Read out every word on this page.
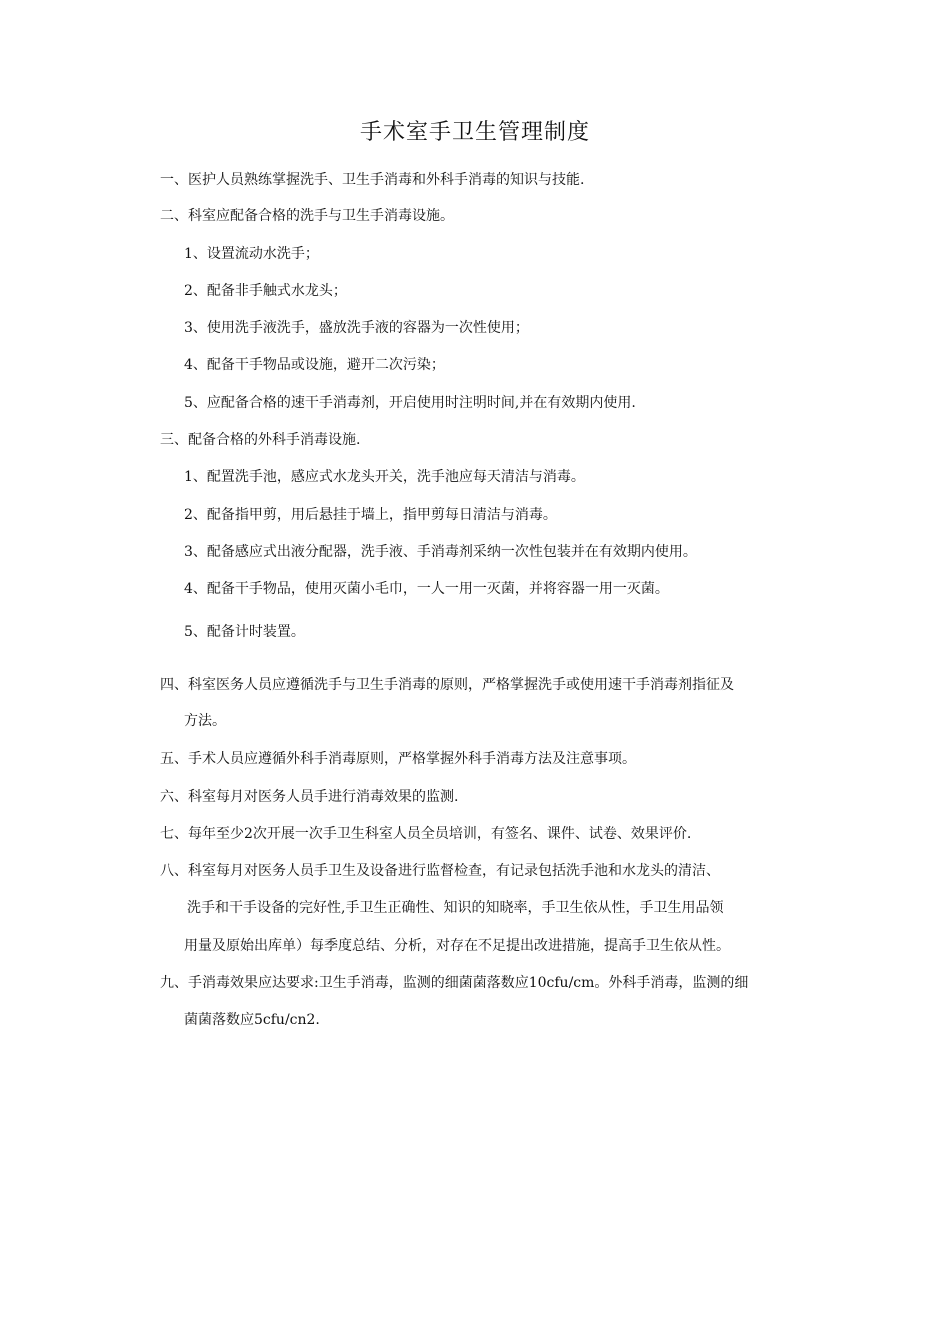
手术室手卫生管理制度
一、医护人员熟练掌握洗手、卫生手消毒和外科手消毒的知识与技能.
二、科室应配备合格的洗手与卫生手消毒设施。
1、设置流动水洗手；
2、配备非手触式水龙头；
3、使用洗手液洗手，盛放洗手液的容器为一次性使用；
4、配备干手物品或设施，避开二次污染；
5、应配备合格的速干手消毒剂，开启使用时注明时间,并在有效期内使用.
三、配备合格的外科手消毒设施.
1、配置洗手池，感应式水龙头开关，洗手池应每天清洁与消毒。
2、配备指甲剪，用后悬挂于墙上，指甲剪每日清洁与消毒。
3、配备感应式出液分配器，洗手液、手消毒剂采纳一次性包装并在有效期内使用。
4、配备干手物品，使用灭菌小毛巾，一人一用一灭菌，并将容器一用一灭菌。
5、配备计时装置。
四、科室医务人员应遵循洗手与卫生手消毒的原则，严格掌握洗手或使用速干手消毒剂指征及
方法。
五、手术人员应遵循外科手消毒原则，严格掌握外科手消毒方法及注意事项。
六、科室每月对医务人员手进行消毒效果的监测.
七、每年至少2次开展一次手卫生科室人员全员培训，有签名、课件、试卷、效果评价.
八、科室每月对医务人员手卫生及设备进行监督检查，有记录包括洗手池和水龙头的清洁、
洗手和干手设备的完好性,手卫生正确性、知识的知晓率，手卫生依从性，手卫生用品领
用量及原始出库单）每季度总结、分析，对存在不足提出改进措施，提高手卫生依从性。
九、手消毒效果应达要求:卫生手消毒，监测的细菌菌落数应10cfu/cm。外科手消毒，监测的细
菌菌落数应5cfu/cn2.
